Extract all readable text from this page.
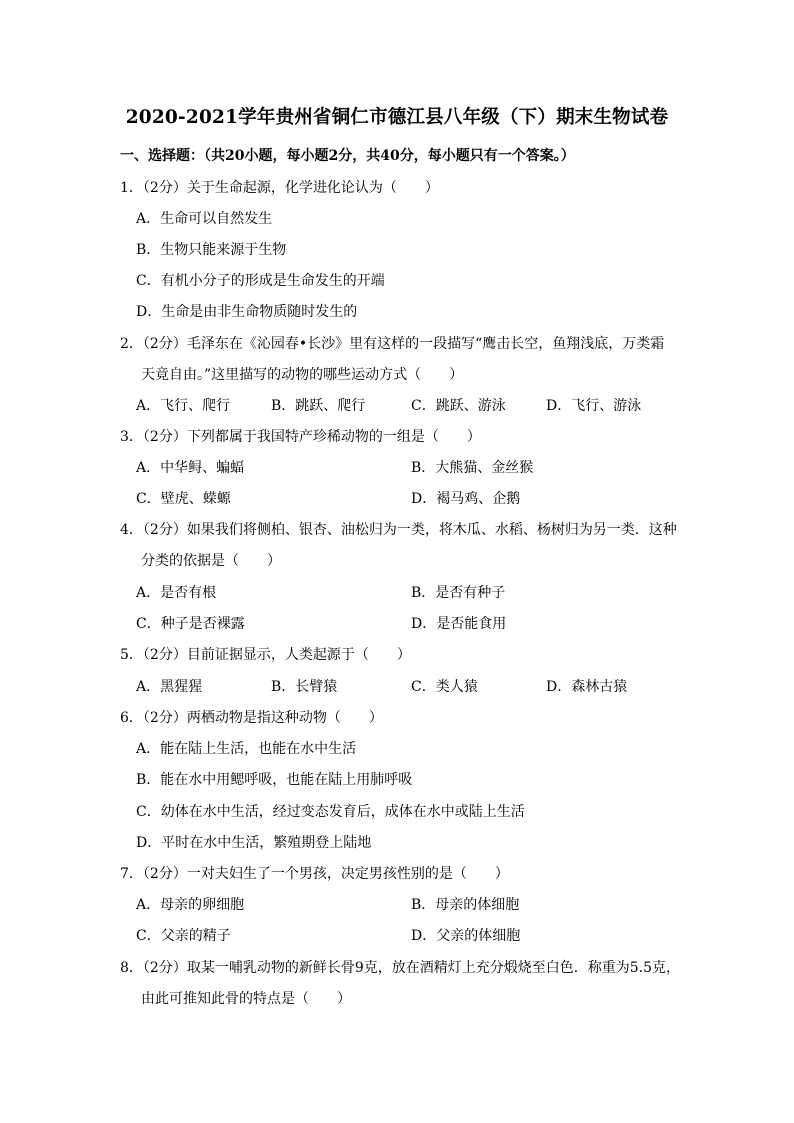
2020-2021学年贵州省铜仁市德江县八年级（下）期末生物试卷
一、选择题：（共20小题，每小题2分，共40分，每小题只有一个答案。）
1．（2分）关于生命起源，化学进化论认为（　　）
A．生命可以自然发生
B．生物只能来源于生物
C．有机小分子的形成是生命发生的开端
D．生命是由非生命物质随时发生的
2．（2分）毛泽东在《沁园春•长沙》里有这样的一段描写“鹰击长空，鱼翔浅底，万类霜
天竟自由。”这里描写的动物的哪些运动方式（　　）
A．飞行、爬行	B．跳跃、爬行	C．跳跃、游泳	D．飞行、游泳
3．（2分）下列都属于我国特产珍稀动物的一组是（　　）
A．中华鲟、蝙蝠	B．大熊猫、金丝猴
C．壁虎、蝾螈	D．褐马鸡、企鹅
4．（2分）如果我们将侧柏、银杏、油松归为一类，将木瓜、水稻、杨树归为另一类．这种
分类的依据是（　　）
A．是否有根	B．是否有种子
C．种子是否裸露	D．是否能食用
5．（2分）目前证据显示，人类起源于（　　）
A．黑猩猩	B．长臂猿	C．类人猿	D．森林古猿
6．（2分）两栖动物是指这种动物（　　）
A．能在陆上生活，也能在水中生活
B．能在水中用鳃呼吸，也能在陆上用肺呼吸
C．幼体在水中生活，经过变态发育后，成体在水中或陆上生活
D．平时在水中生活，繁殖期登上陆地
7．（2分）一对夫妇生了一个男孩，决定男孩性别的是（　　）
A．母亲的卵细胞	B．母亲的体细胞
C．父亲的精子	D．父亲的体细胞
8．（2分）取某一哺乳动物的新鲜长骨9克，放在酒精灯上充分煅烧至白色．称重为5.5克，
由此可推知此骨的特点是（　　）
